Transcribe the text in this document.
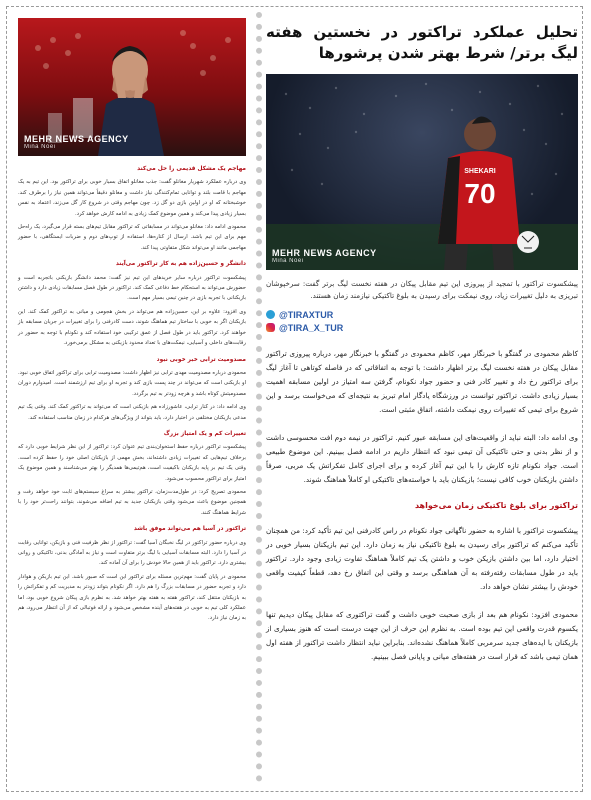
MEHR NEWS AGENCY
Mina Noei
مهاجم یک مشکل قدیمی را حل می‌کند

وی درباره عملکرد شهریار مغانلو گفت: جذب مغانلو اتفاق بسیار خوبی برای تراکتور بود. این تیم به یک مهاجم با قامت بلند و توانایی تمام‌کنندگی نیاز داشت و مغانلو دقیقاً می‌تواند همین نیاز را برطرف کند. خوشبختانه که او در اولین بازی دو گل زد. چون مهاجم وقتی در شروع کار گل می‌زند، اعتماد به نفس بسیار زیادی پیدا می‌کند و همین موضوع کمک زیادی به ادامه کارش خواهد کرد.

محمودی ادامه داد: مغانلو می‌تواند در مسابقاتی که تراکتور مقابل تیم‌های بسته قرار می‌گیرد، یک راه‌حل مهم برای این تیم باشد. ارسال از کناره‌ها، استفاده از توپ‌های دوم و ضربات ایستگاهی، با حضور مهاجمی مانند او می‌تواند شکل متفاوتی پیدا کند.

دانشگر و حسین‌زاده هم به کار تراکتور می‌آیند

پیشکسوت تراکتور درباره سایر خریدهای این تیم نیز گفت: محمد دانشگر بازیکنی باتجربه است و حضورش می‌تواند به استحکام خط دفاعی کمک کند. تراکتور در طول فصل مسابقات زیادی دارد و داشتن بازیکنانی با تجربه بازی در چنین تیمی بسیار مهم است.

وی افزود: علاوه بر این، حسین‌زاده هم می‌تواند در بخش هجومی و میانی به تراکتور کمک کند. این بازیکنان اگر به خوبی با ساختار تیم هماهنگ شوند، دست کادرفنی را برای تغییرات در جریان مسابقه باز خواهند کرد. تراکتور باید در طول فصل از عمق ترکیبی خود استفاده کند و نکونام با توجه به حضور در رقابت‌های داخلی و آسیایی، نیمکت‌های با تعداد محدود بازیکنی به مشکل برمی‌خورد.

مصدومیت ترابی خبر خوبی نبود

محمودی درباره مصدومیت مهدی ترابی نیز اظهار داشت: مصدومیت ترابی برای تراکتور اتفاق خوبی نبود. او بازیکنی است که می‌تواند در چند پست بازی کند و تجربه او برای تیم ارزشمند است. امیدوارم دوران مصدومیتش کوتاه باشد و هرچه زودتر به تیم برگردد.

وی ادامه داد: در کنار ترابی، عاشورزاده هم بازیکنی است که می‌تواند به تراکتور کمک کند. وقتی یک تیم مدعی بازیکنان مختلفی در اختیار دارد، باید بتواند از ویژگی‌های هرکدام در زمان مناسب استفاده کند.

تغییرات کم و یک امتیاز بزرگ

پیشکسوت تراکتور درباره حفظ استخوان‌بندی تیم عنوان کرد: تراکتور از این نظر شرایط خوبی دارد که برخلاف تیم‌هایی که تغییرات زیادی داشته‌اند، بخش مهمی از بازیکنان اصلی خود را حفظ کرده است. وقتی یک تیم بر پایه بازیکنان باکیفیت است، هم‌تیمی‌ها همدیگر را بهتر می‌شناسند و همین موضوع یک امتیاز برای تراکتور محسوب می‌شود.

محمودی تصریح کرد: در طول‌مدت‌زمان، تراکتور بیشتر به سراغ سیستم‌های ثابت خود خواهد رفت و همچنین موضوع باعث می‌شود وقتی بازیکنان جدید به تیم اضافه می‌شوند، بتوانند راحت‌تر خود را با شرایط هماهنگ کنند.

تراکتور در آسیا هم می‌تواند موفق باشد

وی درباره حضور تراکتور در لیگ نخبگان آسیا گفت: تراکتور از نظر ظرفیت فنی و بازیکن، توانایی رقابت در آسیا را دارد. البته مسابقات آسیایی با لیگ برتر متفاوت است و نیاز به آمادگی بدنی، تاکتیکی و روانی بیشتری دارد. تراکتور باید از همین حالا خودش را برای آن آماده کند.

محمودی در پایان گفت: مهم‌ترین مسئله برای تراکتور این است که صبور باشد. این تیم بازیکن و هوادار دارد و تجربه حضور در مسابقات بزرگ را هم دارد. اگر نکونام بتواند زودتر به مدیریت کم و تفکراتش را به بازیکنان منتقل کند، تراکتور هفته به هفته بهتر خواهد شد. به نظرم بازی پیکان شروع خوبی بود، اما عملکرد کلی تیم به خوبی در هفته‌های آینده مشخص می‌شود و ارائه فوتبالی که از آن انتظار می‌رود، هم به زمان نیاز دارد.

تحلیل عملکرد تراکتور در نخستین هفته لیگ برتر/ شرط بهتر شدن پرشورها
SHEKARI
70
MEHR NEWS AGENCY
Mina Noei
پیشکسوت تراکتور با تمجید از پیروزی این تیم مقابل پیکان در هفته نخست لیگ برتر گفت: سرخپوشان تبریزی به دلیل تغییرات زیاد، روی نیمکت برای رسیدن به بلوغ تاکتیکی نیازمند زمان هستند.
@TIRAXTUR
@TIRA_X_TUR
کاظم محمودی در گفتگو با خبرنگار مهر، کاظم محمودی در گفتگو با خبرنگار مهر، درباره پیروزی تراکتور مقابل پیکان در هفته نخست لیگ برتر اظهار داشت: با توجه به اتفاقاتی که در فاصله کوتاهی تا آغاز لیگ برای تراکتور رخ داد و تغییر کادر فنی و حضور جواد نکونام، گرفتن سه امتیاز در اولین مسابقه اهمیت بسیار زیادی داشت. تراکتور توانست در ورزشگاه یادگار امام تبریز به نتیجه‌ای که می‌خواست برسد و این شروع برای تیمی که تغییرات روی نیمکت داشته، اتفاق مثبتی است.
وی ادامه داد: البته نباید از واقعیت‌های این مسابقه عبور کنیم. تراکتور در نیمه دوم افت محسوسی داشت و از نظر بدنی و حتی تاکتیکی آن تیمی نبود که انتظار داریم در ادامه فصل ببینیم. این موضوع طبیعی است. جواد نکونام تازه کارش را با این تیم آغاز کرده و برای اجرای کامل تفکراتش یک مربی، صرفاً داشتن بازیکنان خوب کافی نیست؛ بازیکنان باید با خواسته‌های تاکتیکی او کاملاً هماهنگ شوند.
تراکتور برای بلوغ تاکتیکی زمان می‌خواهد
پیشکسوت تراکتور با اشاره به حضور ناگهانی جواد نکونام در راس کادرفنی این تیم تأکید کرد: من همچنان تأکید می‌کنم که تراکتور برای رسیدن به بلوغ تاکتیکی نیاز به زمان دارد. این تیم بازیکنان بسیار خوبی در اختیار دارد، اما بین داشتن بازیکن خوب و داشتن یک تیم کاملاً هماهنگ تفاوت زیادی وجود دارد. تراکتور باید در طول مسابقات رفته‌رفته به آن هماهنگی برسد و وقتی این اتفاق رخ دهد، قطعاً کیفیت واقعی خودش را بیشتر نشان خواهد داد.
محمودی افزود: نکونام هم بعد از بازی صحبت خوبی داشت و گفت تراکتوری که مقابل پیکان دیدیم تنها یکسوم قدرت واقعی این تیم بوده است. به نظرم این حرف از این جهت درست است که هنوز بسیاری از بازیکنان با ایده‌های جدید سرمربی کاملاً هماهنگ نشده‌اند. بنابراین نباید انتظار داشت تراکتور از هفته اول همان تیمی باشد که قرار است در هفته‌های میانی و پایانی فصل ببینیم.
